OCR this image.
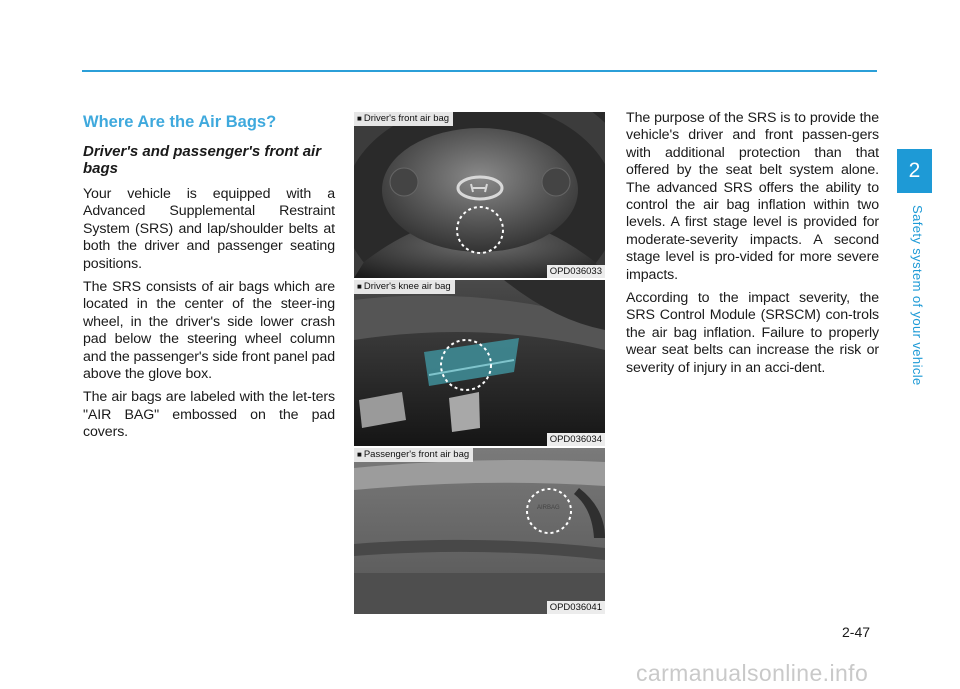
2
Safety system of your vehicle
Where Are the Air Bags?
Driver's and passenger's front air bags

Your vehicle is equipped with a Advanced Supplemental Restraint System (SRS) and lap/shoulder belts at both the driver and passenger seating positions.

The SRS consists of air bags which are located in the center of the steer-ing wheel, in the driver's side lower crash pad below the steering wheel column and the passenger's side front panel pad above the glove box.

The air bags are labeled with the let-ters "AIR BAG" embossed on the pad covers.

■ Driver's front air bag
OPD036033
■ Driver's knee air bag
OPD036034
AIRBAG
■ Passenger's front air bag
OPD036041

The purpose of the SRS is to provide the vehicle's driver and front passen-gers with additional protection than that offered by the seat belt system alone. The advanced SRS offers the ability to control the air bag inflation within two levels. A first stage level is provided for moderate-severity impacts. A second stage level is pro-vided for more severe impacts.

According to the impact severity, the SRS Control Module (SRSCM) con-trols the air bag inflation. Failure to properly wear seat belts can increase the risk or severity of injury in an acci-dent.

2-47
carmanualsonline.info
